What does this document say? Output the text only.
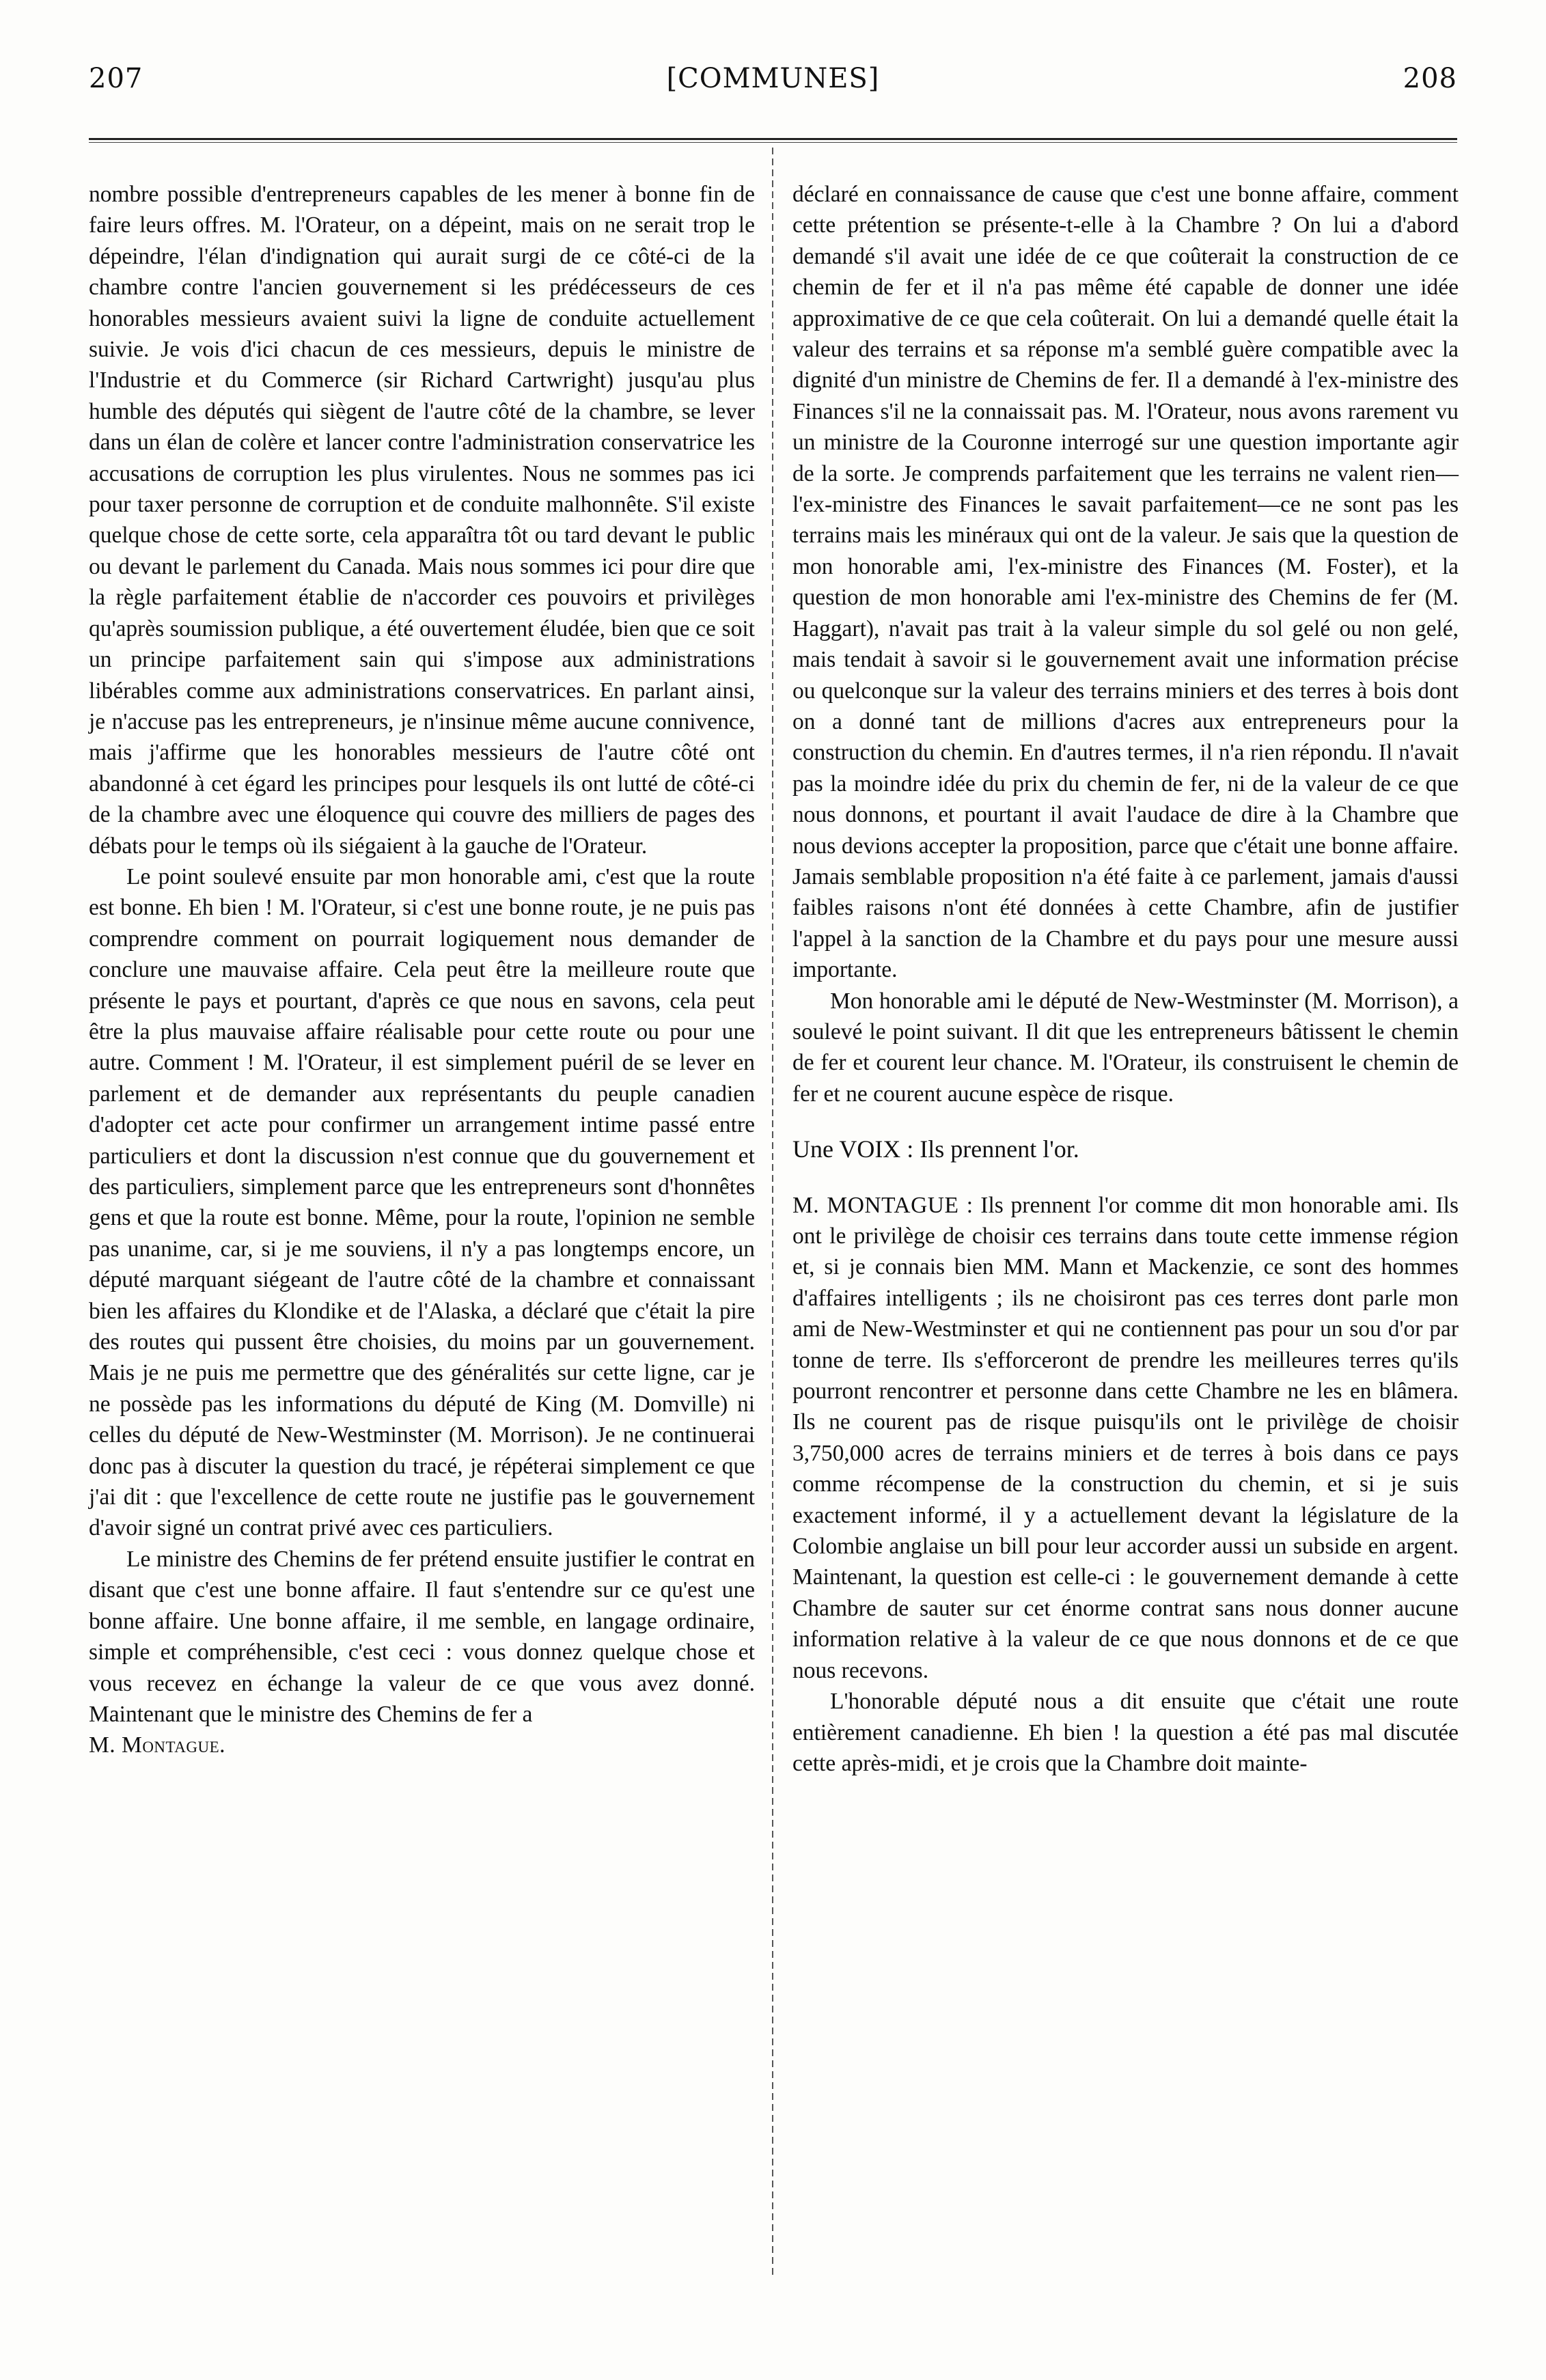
207	[COMMUNES]	208

nombre possible d'entrepreneurs capables de les mener à bonne fin de faire leurs offres. M. l'Orateur, on a dépeint, mais on ne serait trop le dépeindre, l'élan d'indignation qui aurait surgi de ce côté-ci de la chambre contre l'ancien gouvernement si les prédécesseurs de ces honorables messieurs avaient suivi la ligne de conduite actuellement suivie. Je vois d'ici chacun de ces messieurs, depuis le ministre de l'Industrie et du Commerce (sir Richard Cartwright) jusqu'au plus humble des députés qui siègent de l'autre côté de la chambre, se lever dans un élan de colère et lancer contre l'administration conservatrice les accusations de corruption les plus virulentes. Nous ne sommes pas ici pour taxer personne de corruption et de conduite malhonnête. S'il existe quelque chose de cette sorte, cela apparaîtra tôt ou tard devant le public ou devant le parlement du Canada. Mais nous sommes ici pour dire que la règle parfaitement établie de n'accorder ces pouvoirs et privilèges qu'après soumission publique, a été ouvertement éludée, bien que ce soit un principe parfaitement sain qui s'impose aux administrations libérables comme aux administrations conservatrices. En parlant ainsi, je n'accuse pas les entrepreneurs, je n'insinue même aucune connivence, mais j'affirme que les honorables messieurs de l'autre côté ont abandonné à cet égard les principes pour lesquels ils ont lutté de côté-ci de la chambre avec une éloquence qui couvre des milliers de pages des débats pour le temps où ils siégaient à la gauche de l'Orateur.

Le point soulevé ensuite par mon honorable ami, c'est que la route est bonne. Eh bien ! M. l'Orateur, si c'est une bonne route, je ne puis pas comprendre comment on pourrait logiquement nous demander de conclure une mauvaise affaire. Cela peut être la meilleure route que présente le pays et pourtant, d'après ce que nous en savons, cela peut être la plus mauvaise affaire réalisable pour cette route ou pour une autre. Comment ! M. l'Orateur, il est simplement puéril de se lever en parlement et de demander aux représentants du peuple canadien d'adopter cet acte pour confirmer un arrangement intime passé entre particuliers et dont la discussion n'est connue que du gouvernement et des particuliers, simplement parce que les entrepreneurs sont d'honnêtes gens et que la route est bonne. Même, pour la route, l'opinion ne semble pas unanime, car, si je me souviens, il n'y a pas longtemps encore, un député marquant siégeant de l'autre côté de la chambre et connaissant bien les affaires du Klondike et de l'Alaska, a déclaré que c'était la pire des routes qui pussent être choisies, du moins par un gouvernement. Mais je ne puis me permettre que des généralités sur cette ligne, car je ne possède pas les informations du député de King (M. Domville) ni celles du député de New-Westminster (M. Morrison). Je ne continuerai donc pas à discuter la question du tracé, je répéterai simplement ce que j'ai dit : que l'excellence de cette route ne justifie pas le gouvernement d'avoir signé un contrat privé avec ces particuliers.

Le ministre des Chemins de fer prétend ensuite justifier le contrat en disant que c'est une bonne affaire. Il faut s'entendre sur ce qu'est une bonne affaire. Une bonne affaire, il me semble, en langage ordinaire, simple et compréhensible, c'est ceci : vous donnez quelque chose et vous recevez en échange la valeur de ce que vous avez donné. Maintenant que le ministre des Chemins de fer a

M. Montague.

déclaré en connaissance de cause que c'est une bonne affaire, comment cette prétention se présente-t-elle à la Chambre ? On lui a d'abord demandé s'il avait une idée de ce que coûterait la construction de ce chemin de fer et il n'a pas même été capable de donner une idée approximative de ce que cela coûterait. On lui a demandé quelle était la valeur des terrains et sa réponse m'a semblé guère compatible avec la dignité d'un ministre de Chemins de fer. Il a demandé à l'ex-ministre des Finances s'il ne la connaissait pas. M. l'Orateur, nous avons rarement vu un ministre de la Couronne interrogé sur une question importante agir de la sorte. Je comprends parfaitement que les terrains ne valent rien—l'ex-ministre des Finances le savait parfaitement—ce ne sont pas les terrains mais les minéraux qui ont de la valeur. Je sais que la question de mon honorable ami, l'ex-ministre des Finances (M. Foster), et la question de mon honorable ami l'ex-ministre des Chemins de fer (M. Haggart), n'avait pas trait à la valeur simple du sol gelé ou non gelé, mais tendait à savoir si le gouvernement avait une information précise ou quelconque sur la valeur des terrains miniers et des terres à bois dont on a donné tant de millions d'acres aux entrepreneurs pour la construction du chemin. En d'autres termes, il n'a rien répondu. Il n'avait pas la moindre idée du prix du chemin de fer, ni de la valeur de ce que nous donnons, et pourtant il avait l'audace de dire à la Chambre que nous devions accepter la proposition, parce que c'était une bonne affaire. Jamais semblable proposition n'a été faite à ce parlement, jamais d'aussi faibles raisons n'ont été données à cette Chambre, afin de justifier l'appel à la sanction de la Chambre et du pays pour une mesure aussi importante.

Mon honorable ami le député de New-Westminster (M. Morrison), a soulevé le point suivant. Il dit que les entrepreneurs bâtissent le chemin de fer et courent leur chance. M. l'Orateur, ils construisent le chemin de fer et ne courent aucune espèce de risque.

Une VOIX : Ils prennent l'or.

M. MONTAGUE : Ils prennent l'or comme dit mon honorable ami. Ils ont le privilège de choisir ces terrains dans toute cette immense région et, si je connais bien MM. Mann et Mackenzie, ce sont des hommes d'affaires intelligents ; ils ne choisiront pas ces terres dont parle mon ami de New-Westminster et qui ne contiennent pas pour un sou d'or par tonne de terre. Ils s'efforceront de prendre les meilleures terres qu'ils pourront rencontrer et personne dans cette Chambre ne les en blâmera. Ils ne courent pas de risque puisqu'ils ont le privilège de choisir 3,750,000 acres de terrains miniers et de terres à bois dans ce pays comme récompense de la construction du chemin, et si je suis exactement informé, il y a actuellement devant la législature de la Colombie anglaise un bill pour leur accorder aussi un subside en argent. Maintenant, la question est celle-ci : le gouvernement demande à cette Chambre de sauter sur cet énorme contrat sans nous donner aucune information relative à la valeur de ce que nous donnons et de ce que nous recevons.

L'honorable député nous a dit ensuite que c'était une route entièrement canadienne. Eh bien ! la question a été pas mal discutée cette après-midi, et je crois que la Chambre doit mainte-
